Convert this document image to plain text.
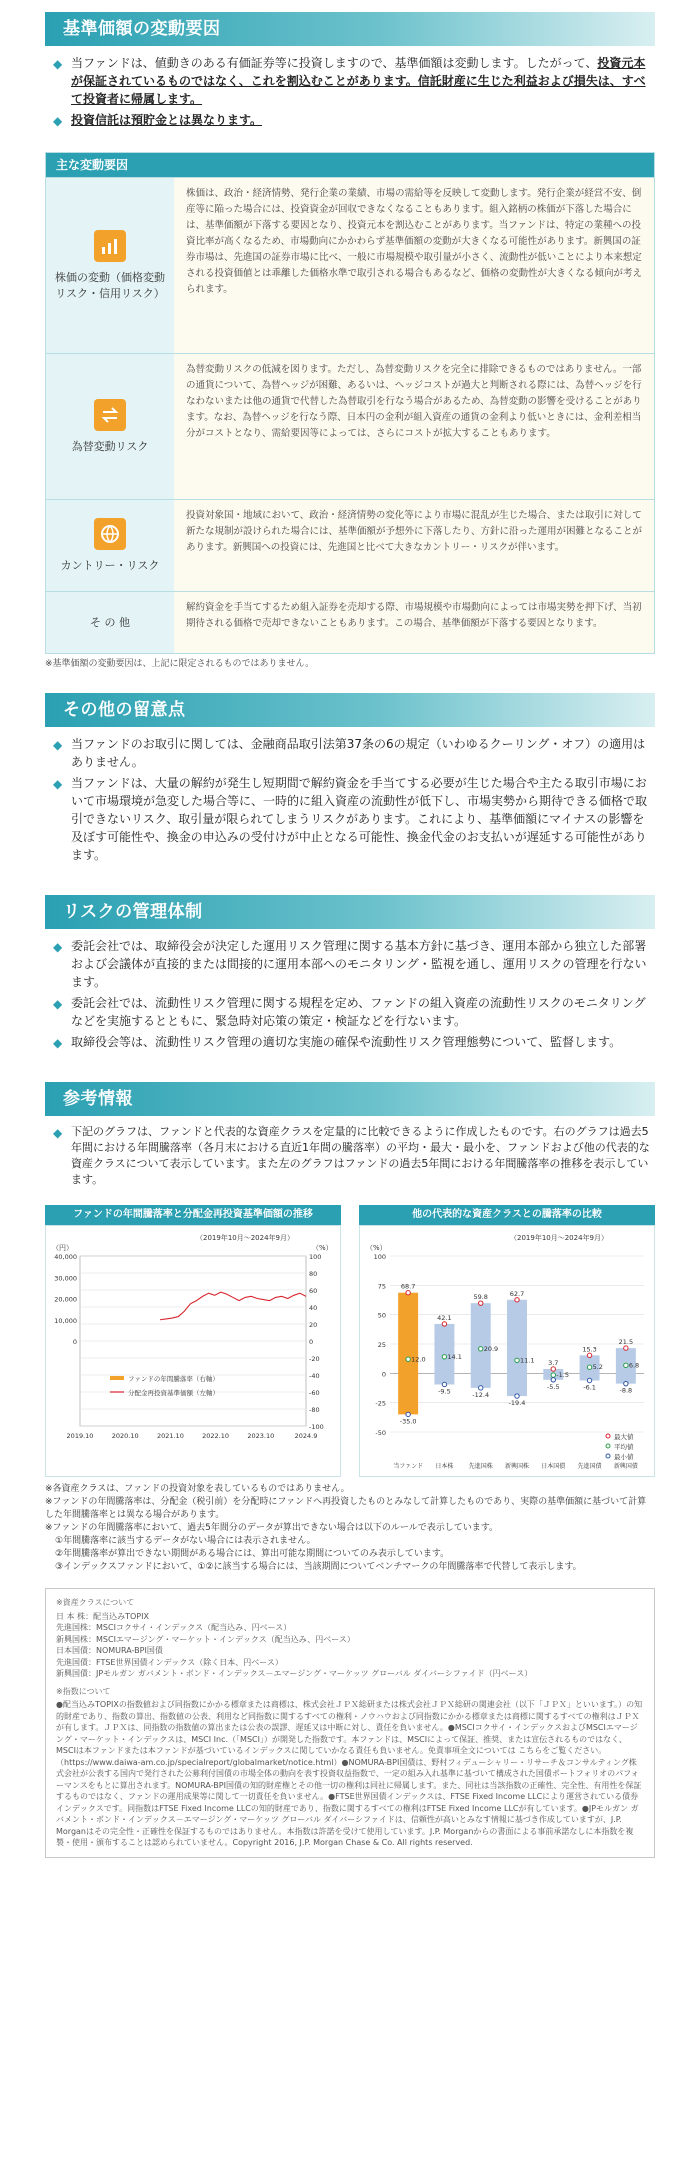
基準価額の変動要因
◆ 当ファンドは、値動きのある有価証券等に投資しますので、基準価額は変動します。したがって、投資元本が保証されているものではなく、これを割込むことがあります。信託財産に生じた利益および損失は、すべて投資者に帰属します。
◆ 投資信託は預貯金とは異なります。
主な変動要因
株価の変動（価格変動リスク・信用リスク）
株価は、政治・経済情勢、発行企業の業績、市場の需給等を反映して変動します。発行企業が経営不安、倒産等に陥った場合には、投資資金が回収できなくなることもあります。組入銘柄の株価が下落した場合には、基準価額が下落する要因となり、投資元本を割込むことがあります。当ファンドは、特定の業種への投資比率が高くなるため、市場動向にかかわらず基準価額の変動が大きくなる可能性があります。新興国の証券市場は、先進国の証券市場に比べ、一般に市場規模や取引量が小さく、流動性が低いことにより本来想定される投資価値とは乖離した価格水準で取引される場合もあるなど、価格の変動性が大きくなる傾向が考えられます。
為替変動リスク
為替変動リスクの低減を図ります。ただし、為替変動リスクを完全に排除できるものではありません。一部の通貨について、為替ヘッジが困難、あるいは、ヘッジコストが過大と判断される際には、為替ヘッジを行なわないまたは他の通貨で代替した為替取引を行なう場合があるため、為替変動の影響を受けることがあります。なお、為替ヘッジを行なう際、日本円の金利が組入資産の通貨の金利より低いときには、金利差相当分がコストとなり、需給要因等によっては、さらにコストが拡大することもあります。
カントリー・リスク
投資対象国・地域において、政治・経済情勢の変化等により市場に混乱が生じた場合、または取引に対して新たな規制が設けられた場合には、基準価額が予想外に下落したり、方針に沿った運用が困難となることがあります。新興国への投資には、先進国と比べて大きなカントリー・リスクが伴います。
そ の 他
解約資金を手当てするため組入証券を売却する際、市場規模や市場動向によっては市場実勢を押下げ、当初期待される価格で売却できないこともあります。この場合、基準価額が下落する要因となります。
※基準価額の変動要因は、上記に限定されるものではありません。
その他の留意点
◆ 当ファンドのお取引に関しては、金融商品取引法第37条の6の規定（いわゆるクーリング・オフ）の適用はありません。
◆ 当ファンドは、大量の解約が発生し短期間で解約資金を手当てする必要が生じた場合や主たる取引市場において市場環境が急変した場合等に、一時的に組入資産の流動性が低下し、市場実勢から期待できる価格で取引できないリスク、取引量が限られてしまうリスクがあります。これにより、基準価額にマイナスの影響を及ぼす可能性や、換金の申込みの受付けが中止となる可能性、換金代金のお支払いが遅延する可能性があります。
リスクの管理体制
◆ 委託会社では、取締役会が決定した運用リスク管理に関する基本方針に基づき、運用本部から独立した部署および会議体が直接的または間接的に運用本部へのモニタリング・監視を通し、運用リスクの管理を行ないます。
◆ 委託会社では、流動性リスク管理に関する規程を定め、ファンドの組入資産の流動性リスクのモニタリングなどを実施するとともに、緊急時対応策の策定・検証などを行ないます。
◆ 取締役会等は、流動性リスク管理の適切な実施の確保や流動性リスク管理態勢について、監督します。
参考情報
◆ 下記のグラフは、ファンドと代表的な資産クラスを定量的に比較できるように作成したものです。右のグラフは過去5年間における年間騰落率（各月末における直近1年間の騰落率）の平均・最大・最小を、ファンドおよび他の代表的な資産クラスについて表示しています。また左のグラフはファンドの過去5年間における年間騰落率の推移を表示しています。
ファンドの年間騰落率と分配金再投資基準価額の推移
（2019年10月〜2024年9月）
（円）	（%）
40,000
30,000
20,000
10,000
0
100
80
60
40
20
0
-20
-40
-60
-80
-100
2019.10	2020.10	2021.10	2022.10	2023.10	2024.9
ファンドの年間騰落率（右軸）
分配金再投資基準価額（左軸）
他の代表的な資産クラスとの騰落率の比較
（2019年10月〜2024年9月）
（%）
100
75
50
25
0
-25
-50
68.7
12.0
-35.0
当ファンド
42.1
14.1
-9.5
日本株
59.8
20.9
-12.4
先進国株
62.7
11.1
-19.4
新興国株
3.7
-1.5
-5.5
日本国債
15.3
5.2
-6.1
先進国債
21.5
6.8
-8.8
新興国債
最大値
平均値
最小値
※各資産クラスは、ファンドの投資対象を表しているものではありません。
※ファンドの年間騰落率は、分配金（税引前）を分配時にファンドへ再投資したものとみなして計算したものであり、実際の基準価額に基づいて計算した年間騰落率とは異なる場合があります。
※ファンドの年間騰落率において、過去5年間分のデータが算出できない場合は以下のルールで表示しています。
①年間騰落率に該当するデータがない場合には表示されません。
②年間騰落率が算出できない期間がある場合には、算出可能な期間についてのみ表示しています。
③インデックスファンドにおいて、①②に該当する場合には、当該期間についてベンチマークの年間騰落率で代替して表示します。
※資産クラスについて
日 本 株：配当込みTOPIX
先進国株：MSCIコクサイ・インデックス（配当込み、円ベース）
新興国株：MSCIエマージング・マーケット・インデックス（配当込み、円ベース）
日本国債：NOMURA-BPI国債
先進国債：FTSE世界国債インデックス（除く日本、円ベース）
新興国債：JPモルガン ガバメント・ボンド・インデックス－エマージング・マーケッツ グローバル ダイバーシファイド（円ベース）
※指数について
●配当込みTOPIXの指数値および同指数にかかる標章または商標は、株式会社ＪＰＸ総研または株式会社ＪＰＸ総研の関連会社（以下「ＪＰＸ」といいます。）の知的財産であり、指数の算出、指数値の公表、利用など同指数に関するすべての権利・ノウハウおよび同指数にかかる標章または商標に関するすべての権利はＪＰＸが有します。ＪＰＸは、同指数の指数値の算出または公表の誤謬、遅延又は中断に対し、責任を負いません。●MSCIコクサイ・インデックスおよびMSCIエマージング・マーケット・インデックスは、MSCI Inc.（「MSCI」）が開発した指数です。本ファンドは、MSCIによって保証、推奨、または宣伝されるものではなく、MSCIは本ファンドまたは本ファンドが基づいているインデックスに関していかなる責任も負いません。免責事項全文については こちらをご覧ください。（https://www.daiwa-am.co.jp/specialreport/globalmarket/notice.html）●NOMURA-BPI国債は、野村フィデューシャリー・リサーチ＆コンサルティング株式会社が公表する国内で発行された公募利付国債の市場全体の動向を表す投資収益指数で、一定の組み入れ基準に基づいて構成された国債ポートフォリオのパフォーマンスをもとに算出されます。NOMURA-BPI国債の知的財産権とその他一切の権利は同社に帰属します。また、同社は当該指数の正確性、完全性、有用性を保証するものではなく、ファンドの運用成果等に関して一切責任を負いません。●FTSE世界国債インデックスは、FTSE Fixed Income LLCにより運営されている債券インデックスです。同指数はFTSE Fixed Income LLCの知的財産であり、指数に関するすべての権利はFTSE Fixed Income LLCが有しています。●JPモルガン ガバメント・ボンド・インデックス－エマージング・マーケッツ グローバル ダイバーシファイドは、信頼性が高いとみなす情報に基づき作成していますが、J.P. Morganはその完全性・正確性を保証するものではありません。本指数は許諾を受けて使用しています。J.P. Morganからの書面による事前承諾なしに本指数を複製・使用・頒布することは認められていません。Copyright 2016, J.P. Morgan Chase & Co. All rights reserved.
